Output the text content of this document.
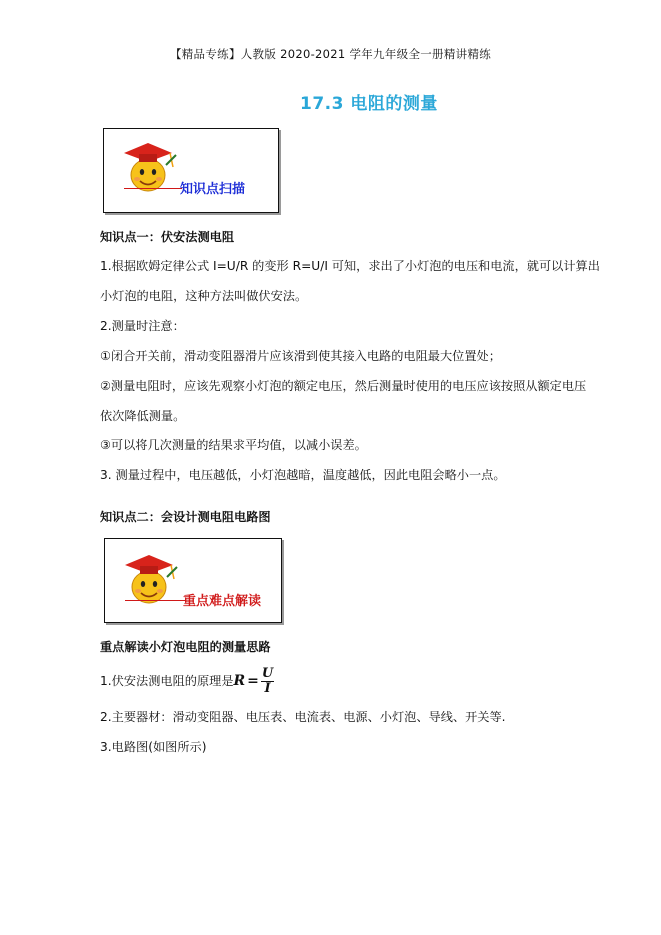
【精品专练】人教版 2020-2021 学年九年级全一册精讲精练
17.3 电阻的测量
知识点扫描
知识点一：伏安法测电阻
1.根据欧姆定律公式 I=U/R 的变形 R=U/I 可知，求出了小灯泡的电压和电流，就可以计算出
小灯泡的电阻，这种方法叫做伏安法。
2.测量时注意：
①闭合开关前，滑动变阻器滑片应该滑到使其接入电路的电阻最大位置处；
②测量电阻时，应该先观察小灯泡的额定电压，然后测量时使用的电压应该按照从额定电压
依次降低测量。
③可以将几次测量的结果求平均值，以减小误差。
3. 测量过程中，电压越低，小灯泡越暗，温度越低，因此电阻会略小一点。
知识点二：会设计测电阻电路图
重点难点解读
重点解读小灯泡电阻的测量思路
1.伏安法测电阻的原理是 $R = \frac{U}{I}$
2.主要器材：滑动变阻器、电压表、电流表、电源、小灯泡、导线、开关等.
3.电路图(如图所示)
